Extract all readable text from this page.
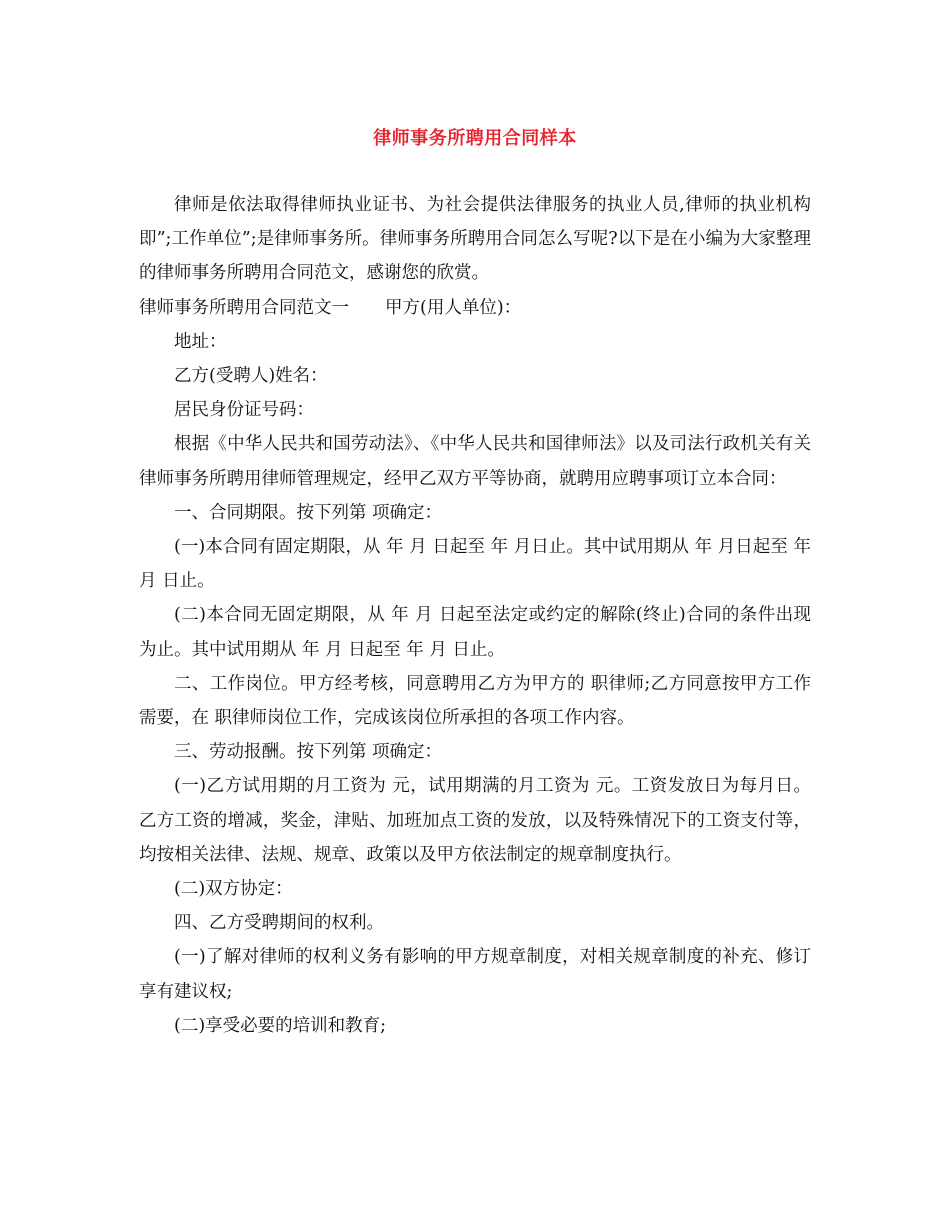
律师事务所聘用合同样本

律师是依法取得律师执业证书、为社会提供法律服务的执业人员,律师的执业机构即”;工作单位”;是律师事务所。律师事务所聘用合同怎么写呢?以下是在小编为大家整理的律师事务所聘用合同范文，感谢您的欣赏。

律师事务所聘用合同范文一 甲方(用人单位)：

地址：

乙方(受聘人)姓名：

居民身份证号码：

根据《中华人民共和国劳动法》、《中华人民共和国律师法》以及司法行政机关有关律师事务所聘用律师管理规定，经甲乙双方平等协商，就聘用应聘事项订立本合同：

一、合同期限。按下列第 项确定：

(一)本合同有固定期限，从 年 月 日起至 年 月日止。其中试用期从 年 月日起至 年 月 日止。

(二)本合同无固定期限，从 年 月 日起至法定或约定的解除(终止)合同的条件出现为止。其中试用期从 年 月 日起至 年 月 日止。

二、工作岗位。甲方经考核，同意聘用乙方为甲方的 职律师;乙方同意按甲方工作需要，在 职律师岗位工作，完成该岗位所承担的各项工作内容。

三、劳动报酬。按下列第 项确定：

(一)乙方试用期的月工资为 元，试用期满的月工资为 元。工资发放日为每月日。乙方工资的增减，奖金，津贴、加班加点工资的发放，以及特殊情况下的工资支付等，均按相关法律、法规、规章、政策以及甲方依法制定的规章制度执行。

(二)双方协定：

四、乙方受聘期间的权利。

(一)了解对律师的权利义务有影响的甲方规章制度，对相关规章制度的补充、修订享有建议权;

(二)享受必要的培训和教育;
